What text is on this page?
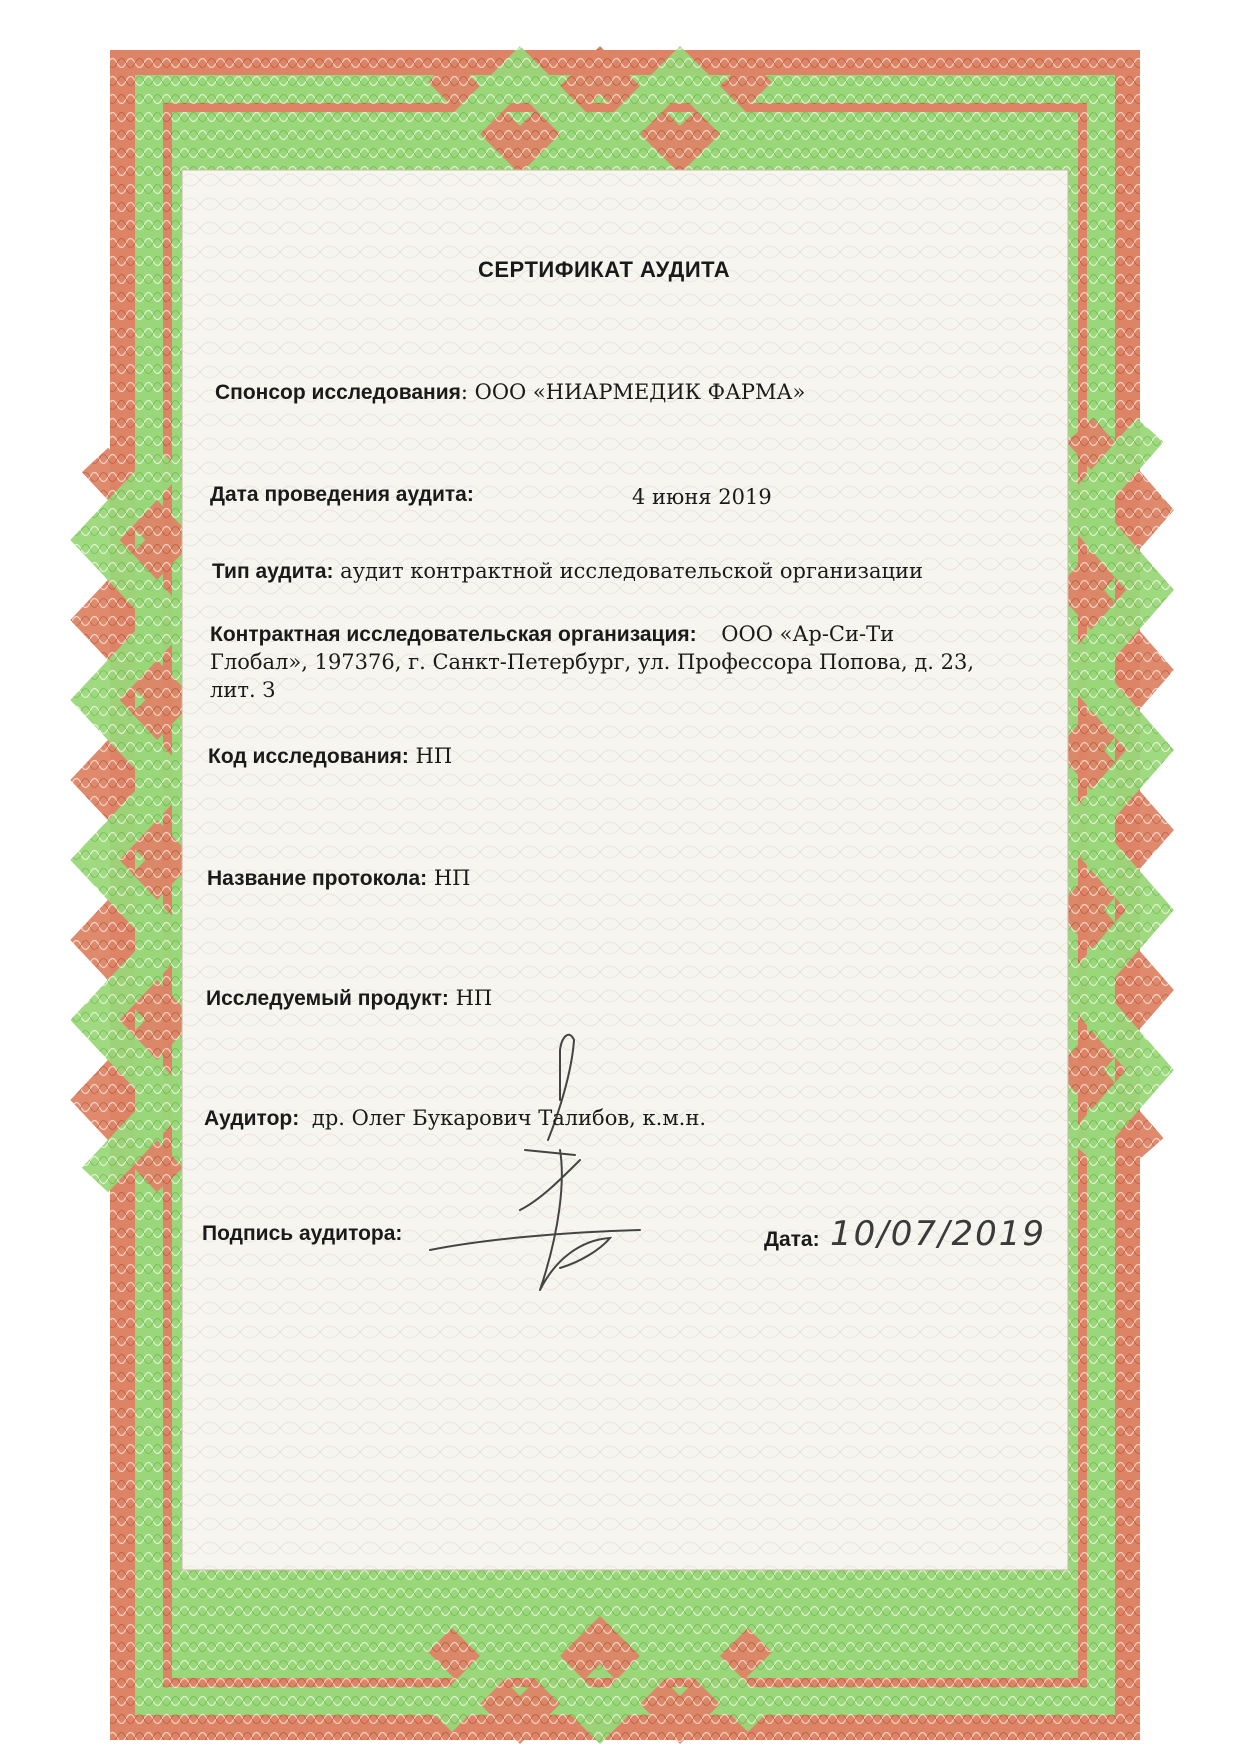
СЕРТИФИКАТ АУДИТА
Спонсор исследования: ООО «НИАРМЕДИК ФАРМА»
Дата проведения аудита:	4 июня 2019
Тип аудита: аудит контрактной исследовательской организации
Контрактная исследовательская организация: ООО «Ар-Си-Ти
Глобал», 197376, г. Санкт-Петербург, ул. Профессора Попова, д. 23,
лит. З
Код исследования: НП
Название протокола: НП
Исследуемый продукт: НП
Аудитор: др. Олег Букарович Талибов, к.м.н.
Подпись аудитора:	Дата: 10/07/2019
